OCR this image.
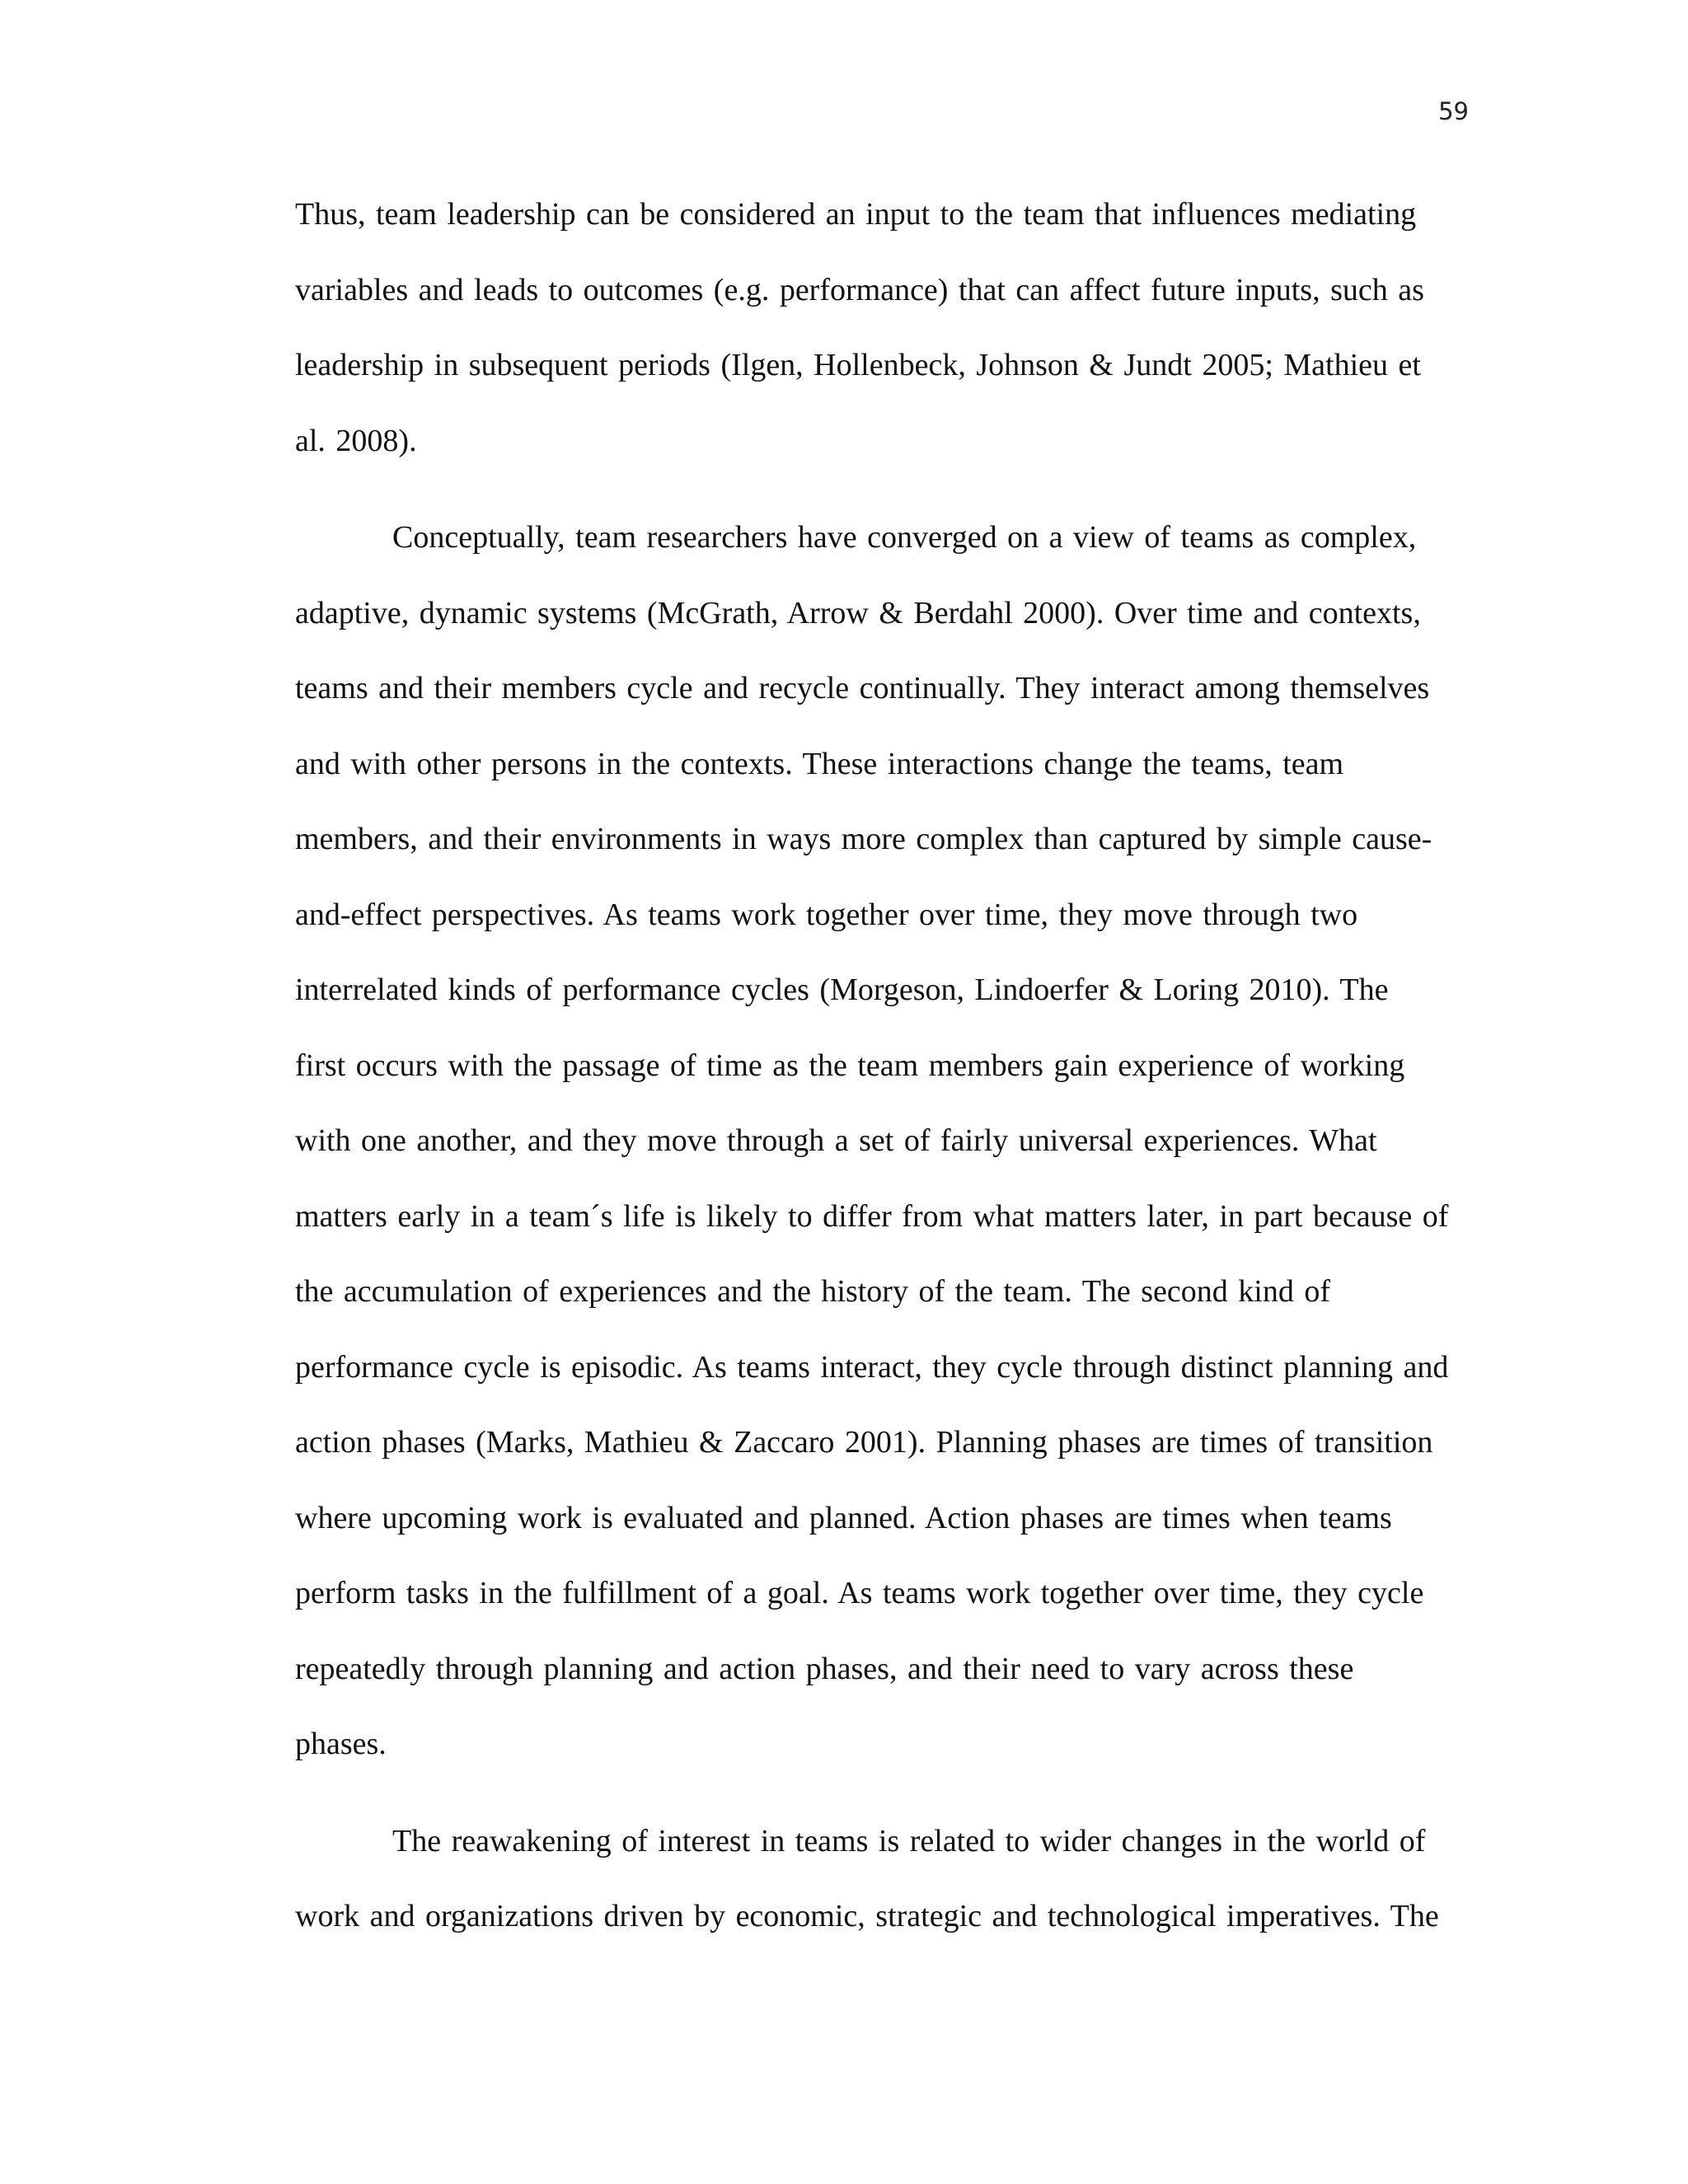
59
Thus, team leadership can be considered an input to the team that influences mediating
variables and leads to outcomes (e.g. performance) that can affect future inputs, such as
leadership in subsequent periods (Ilgen, Hollenbeck, Johnson & Jundt 2005; Mathieu et
al. 2008).
Conceptually, team researchers have converged on a view of teams as complex,
adaptive, dynamic systems (McGrath, Arrow & Berdahl 2000). Over time and contexts,
teams and their members cycle and recycle continually. They interact among themselves
and with other persons in the contexts. These interactions change the teams, team
members, and their environments in ways more complex than captured by simple cause-
and-effect perspectives. As teams work together over time, they move through two
interrelated kinds of performance cycles (Morgeson, Lindoerfer & Loring 2010). The
first occurs with the passage of time as the team members gain experience of working
with one another, and they move through a set of fairly universal experiences. What
matters early in a team´s life is likely to differ from what matters later, in part because of
the accumulation of experiences and the history of the team. The second kind of
performance cycle is episodic. As teams interact, they cycle through distinct planning and
action phases (Marks, Mathieu & Zaccaro 2001). Planning phases are times of transition
where upcoming work is evaluated and planned. Action phases are times when teams
perform tasks in the fulfillment of a goal. As teams work together over time, they cycle
repeatedly through planning and action phases, and their need to vary across these
phases.
The reawakening of interest in teams is related to wider changes in the world of
work and organizations driven by economic, strategic and technological imperatives. The
